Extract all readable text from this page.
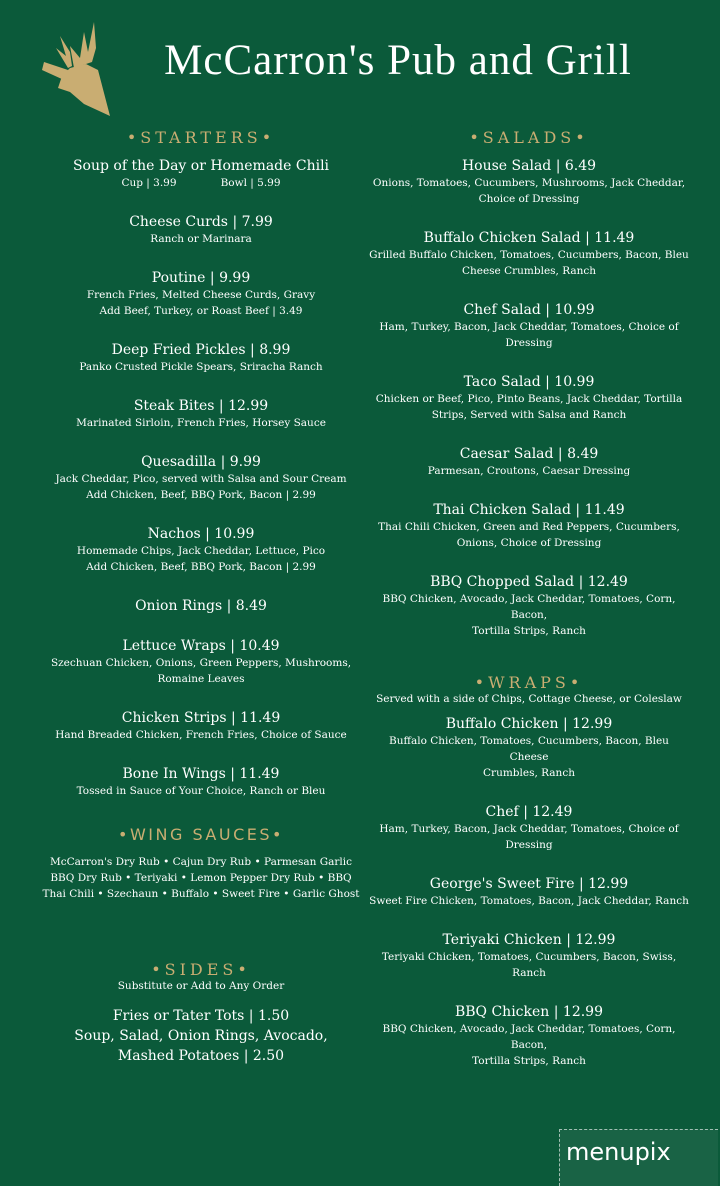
McCarron's Pub and Grill
•STARTERS•
Soup of the Day or Homemade Chili
Cup | 3.99	Bowl | 5.99
Cheese Curds | 7.99
Ranch or Marinara
Poutine | 9.99
French Fries, Melted Cheese Curds, Gravy
Add Beef, Turkey, or Roast Beef | 3.49
Deep Fried Pickles | 8.99
Panko Crusted Pickle Spears, Sriracha Ranch
Steak Bites | 12.99
Marinated Sirloin, French Fries, Horsey Sauce
Quesadilla | 9.99
Jack Cheddar, Pico, served with Salsa and Sour Cream
Add Chicken, Beef, BBQ Pork, Bacon | 2.99
Nachos | 10.99
Homemade Chips, Jack Cheddar, Lettuce, Pico
Add Chicken, Beef, BBQ Pork, Bacon | 2.99
Onion Rings | 8.49
Lettuce Wraps | 10.49
Szechuan Chicken, Onions, Green Peppers, Mushrooms,
Romaine Leaves
Chicken Strips | 11.49
Hand Breaded Chicken, French Fries, Choice of Sauce
Bone In Wings | 11.49
Tossed in Sauce of Your Choice, Ranch or Bleu
•WING SAUCES•
McCarron's Dry Rub • Cajun Dry Rub • Parmesan Garlic
BBQ Dry Rub • Teriyaki • Lemon Pepper Dry Rub • BBQ
Thai Chili • Szechaun • Buffalo • Sweet Fire • Garlic Ghost
•SIDES•
Substitute or Add to Any Order
Fries or Tater Tots | 1.50
Soup, Salad, Onion Rings, Avocado,
Mashed Potatoes | 2.50
•SALADS•
House Salad | 6.49
Onions, Tomatoes, Cucumbers, Mushrooms, Jack Cheddar,
Choice of Dressing
Buffalo Chicken Salad | 11.49
Grilled Buffalo Chicken, Tomatoes, Cucumbers, Bacon, Bleu
Cheese Crumbles, Ranch
Chef Salad | 10.99
Ham, Turkey, Bacon, Jack Cheddar, Tomatoes, Choice of
Dressing
Taco Salad | 10.99
Chicken or Beef, Pico, Pinto Beans, Jack Cheddar, Tortilla
Strips, Served with Salsa and Ranch
Caesar Salad | 8.49
Parmesan, Croutons, Caesar Dressing
Thai Chicken Salad | 11.49
Thai Chili Chicken, Green and Red Peppers, Cucumbers,
Onions, Choice of Dressing
BBQ Chopped Salad | 12.49
BBQ Chicken, Avocado, Jack Cheddar, Tomatoes, Corn, Bacon,
Tortilla Strips, Ranch
•WRAPS•
Served with a side of Chips, Cottage Cheese, or Coleslaw
Buffalo Chicken | 12.99
Buffalo Chicken, Tomatoes, Cucumbers, Bacon, Bleu Cheese
Crumbles, Ranch
Chef | 12.49
Ham, Turkey, Bacon, Jack Cheddar, Tomatoes, Choice of
Dressing
George's Sweet Fire | 12.99
Sweet Fire Chicken, Tomatoes, Bacon, Jack Cheddar, Ranch
Teriyaki Chicken | 12.99
Teriyaki Chicken, Tomatoes, Cucumbers, Bacon, Swiss, Ranch
BBQ Chicken | 12.99
BBQ Chicken, Avocado, Jack Cheddar, Tomatoes, Corn, Bacon,
Tortilla Strips, Ranch
menupix
